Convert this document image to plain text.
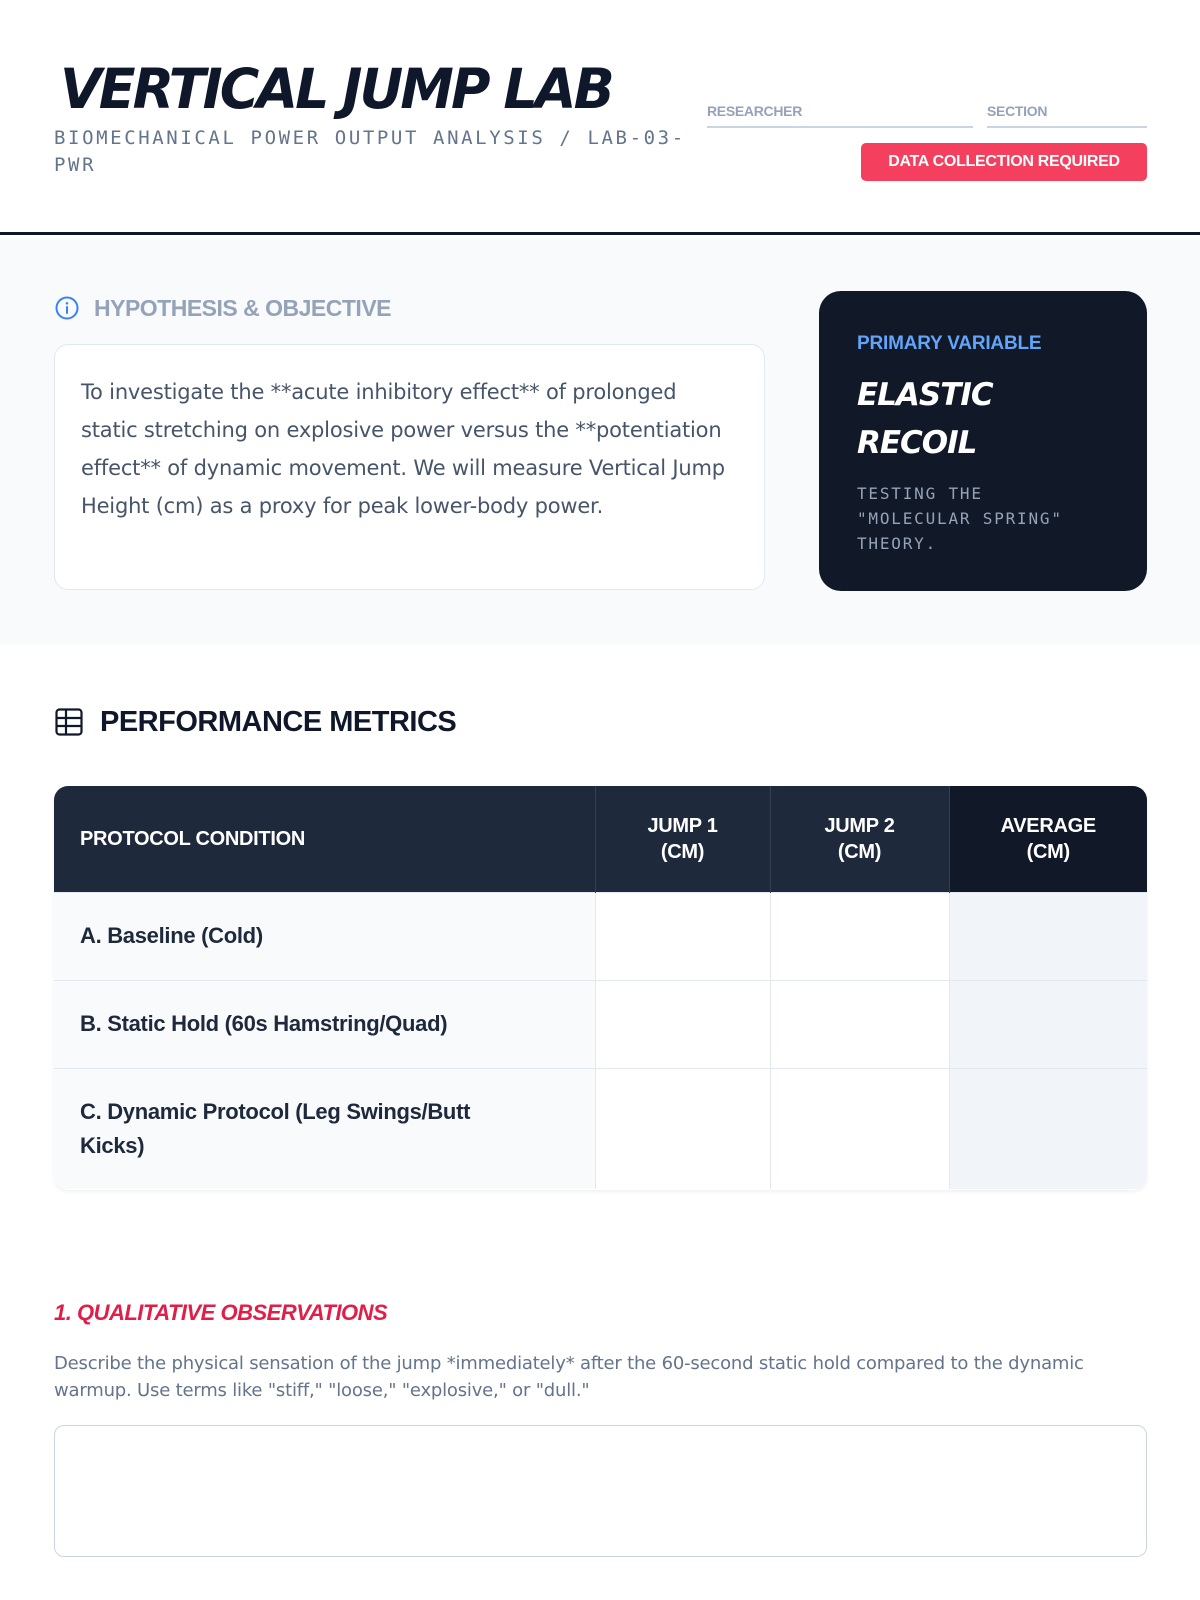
VERTICAL JUMP LAB
BIOMECHANICAL POWER OUTPUT ANALYSIS / LAB-03-PWR
RESEARCHER	SECTION
DATA COLLECTION REQUIRED
HYPOTHESIS & OBJECTIVE

To investigate the **acute inhibitory effect** of prolonged static stretching on explosive power versus the **potentiation effect** of dynamic movement. We will measure Vertical Jump Height (cm) as a proxy for peak lower-body power.

PRIMARY VARIABLE
ELASTIC RECOIL
TESTING THE "MOLECULAR SPRING" THEORY.
PERFORMANCE METRICS
PROTOCOL CONDITION	JUMP 1 (CM)	JUMP 2 (CM)	AVERAGE (CM)

A. Baseline (Cold)			
B. Static Hold (60s Hamstring/Quad)			
C. Dynamic Protocol (Leg Swings/Butt Kicks)			
1. QUALITATIVE OBSERVATIONS

Describe the physical sensation of the jump *immediately* after the 60-second static hold compared to the dynamic warmup. Use terms like "stiff," "loose," "explosive," or "dull."
